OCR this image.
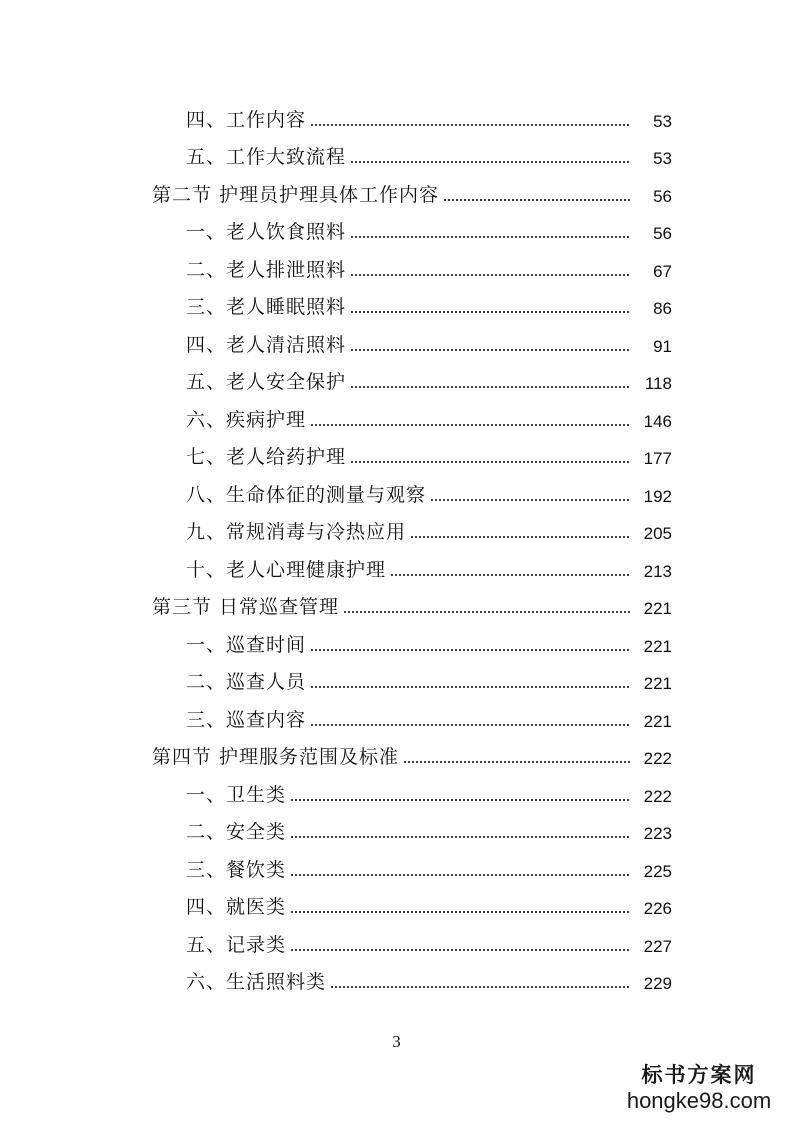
四、工作内容	53
五、工作大致流程	53
第二节 护理员护理具体工作内容	56
一、老人饮食照料	56
二、老人排泄照料	67
三、老人睡眠照料	86
四、老人清洁照料	91
五、老人安全保护	118
六、疾病护理	146
七、老人给药护理	177
八、生命体征的测量与观察	192
九、常规消毒与冷热应用	205
十、老人心理健康护理	213
第三节 日常巡查管理	221
一、巡查时间	221
二、巡查人员	221
三、巡查内容	221
第四节 护理服务范围及标准	222
一、卫生类	222
二、安全类	223
三、餐饮类	225
四、就医类	226
五、记录类	227
六、生活照料类	229
3
标书方案网
hongke98.com
